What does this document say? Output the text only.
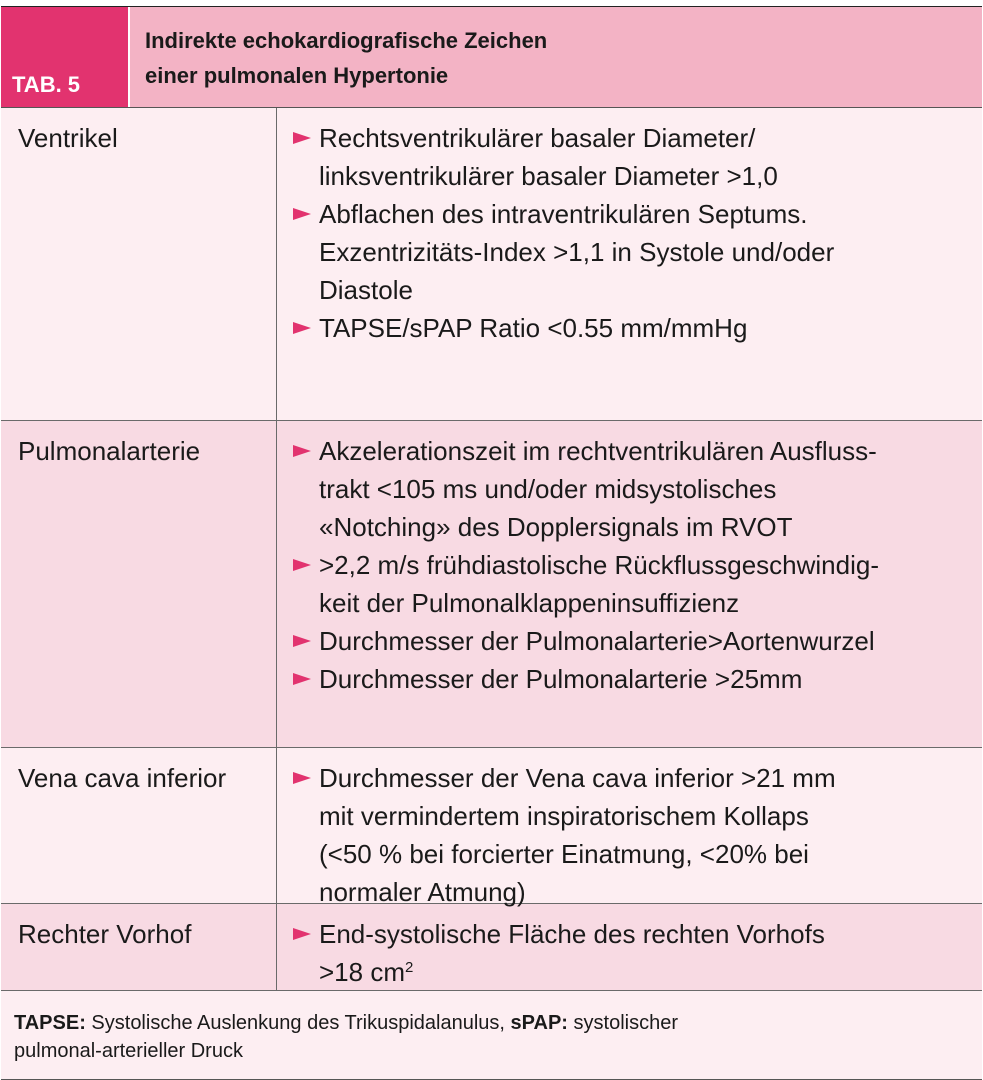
TAB. 5
Indirekte echokardiografische Zeichen
einer pulmonalen Hypertonie
Ventrikel	Rechtsventrikulärer basaler Diameter/
linksventrikulärer basaler Diameter >1,0
Abflachen des intraventrikulären Septums.
Exzentrizitäts-Index >1,1 in Systole und/oder
Diastole
TAPSE/sPAP Ratio <0.55 mm/mmHg
Pulmonalarterie	Akzelerationszeit im rechtventrikulären Ausfluss-
trakt <105 ms und/oder midsystolisches
«Notching» des Dopplersignals im RVOT
>2,2 m/s frühdiastolische Rückflussgeschwindig-
keit der Pulmonalklappeninsuffizienz
Durchmesser der Pulmonalarterie>Aortenwurzel
Durchmesser der Pulmonalarterie >25mm
Vena cava inferior	Durchmesser der Vena cava inferior >21 mm
mit vermindertem inspiratorischem Kollaps
(<50 % bei forcierter Einatmung, <20% bei
normaler Atmung)
Rechter Vorhof	End-systolische Fläche des rechten Vorhofs
>18 $cm^2$
TAPSE: Systolische Auslenkung des Trikuspidalanulus, sPAP: systolischer
pulmonal-arterieller Druck
